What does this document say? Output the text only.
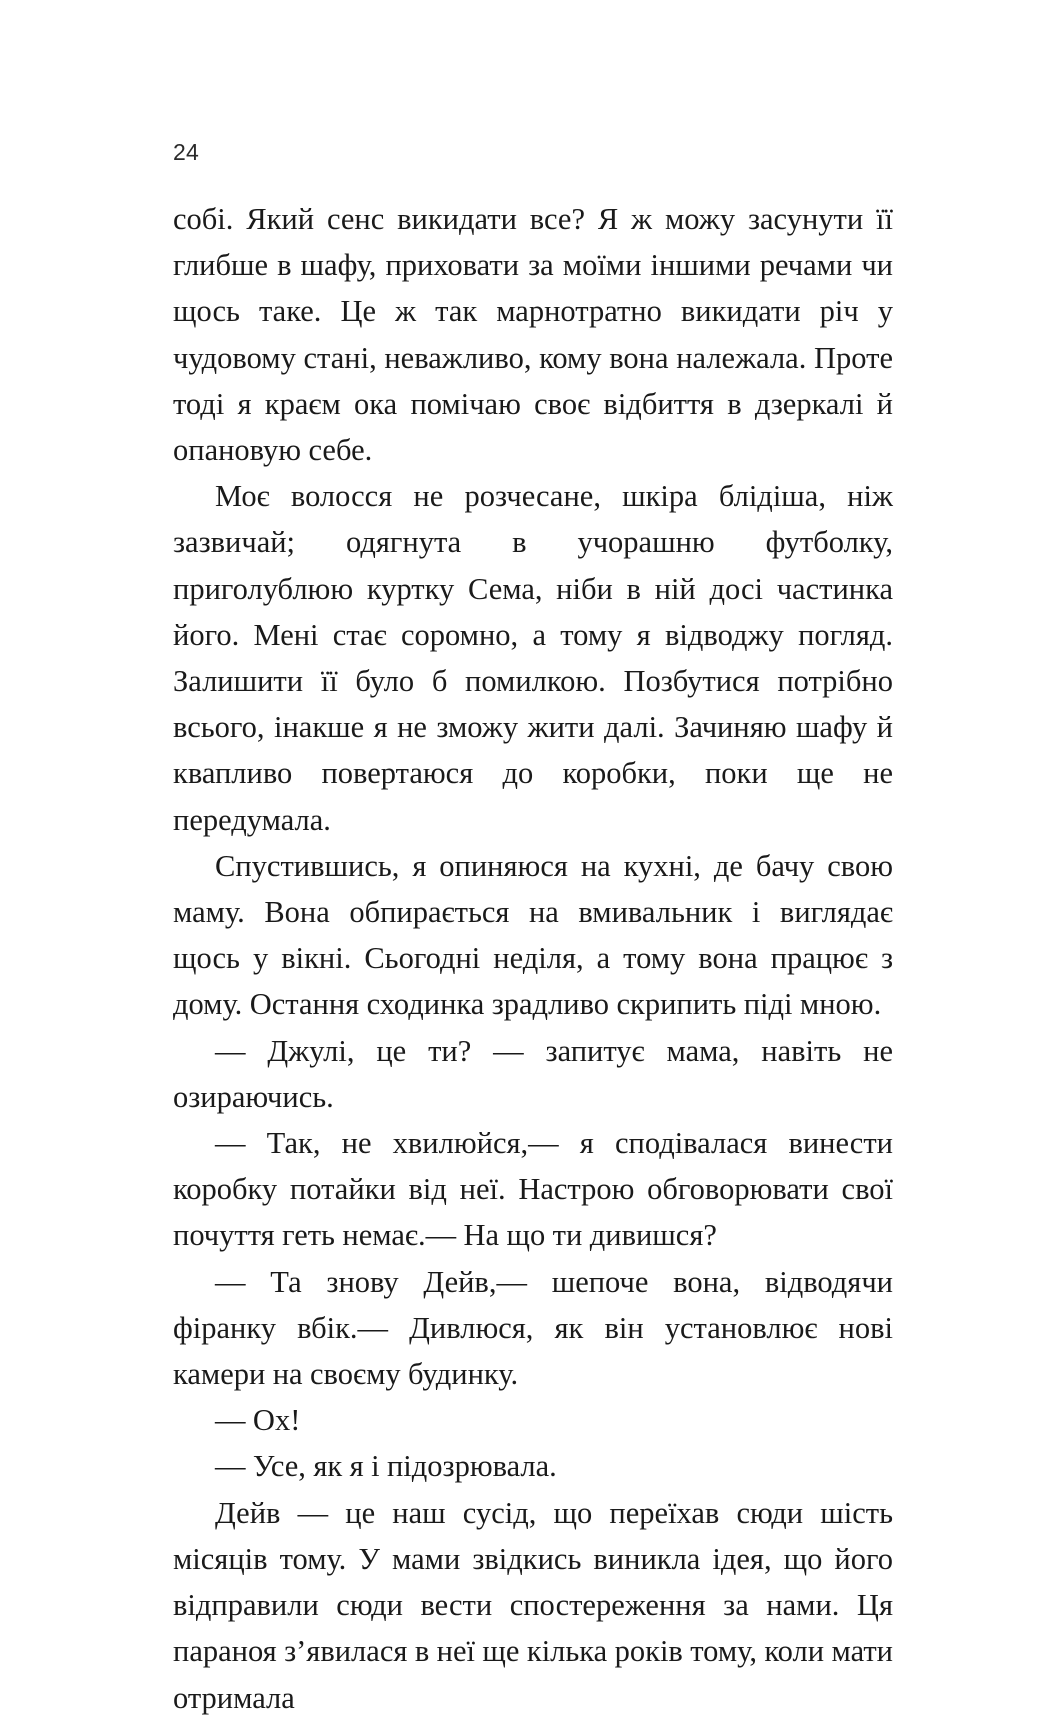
24

собі. Який сенс викидати все? Я ж можу засунути її глибше в шафу, приховати за моїми іншими речами чи щось таке. Це ж так марнотратно викидати річ у чудовому стані, неважливо, кому вона належала. Проте тоді я краєм ока помічаю своє відбиття в дзеркалі й опановую себе.

Моє волосся не розчесане, шкіра блідіша, ніж зазвичай; одягнута в учорашню футболку, приголублюю куртку Сема, ніби в ній досі частинка його. Мені стає соромно, а тому я відводжу погляд. Залишити її було б помилкою. Позбутися потрібно всього, інакше я не зможу жити далі. Зачиняю шафу й квапливо повертаюся до коробки, поки ще не передумала.

Спустившись, я опиняюся на кухні, де бачу свою маму. Вона обпирається на вмивальник і виглядає щось у вікні. Сьогодні неділя, а тому вона працює з дому. Остання сходинка зрадливо скрипить піді мною.

— Джулі, це ти? — запитує мама, навіть не озираючись.

— Так, не хвилюйся,— я сподівалася винести коробку потайки від неї. Настрою обговорювати свої почуття геть немає.— На що ти дивишся?

— Та знову Дейв,— шепоче вона, відводячи фіранку вбік.— Дивлюся, як він установлює нові камери на своєму будинку.

— Ох!

— Усе, як я і підозрювала.

Дейв — це наш сусід, що переїхав сюди шість місяців тому. У мами звідкись виникла ідея, що його відправили сюди вести спостереження за нами. Ця параноя з’явилася в неї ще кілька років тому, коли мати отримала
